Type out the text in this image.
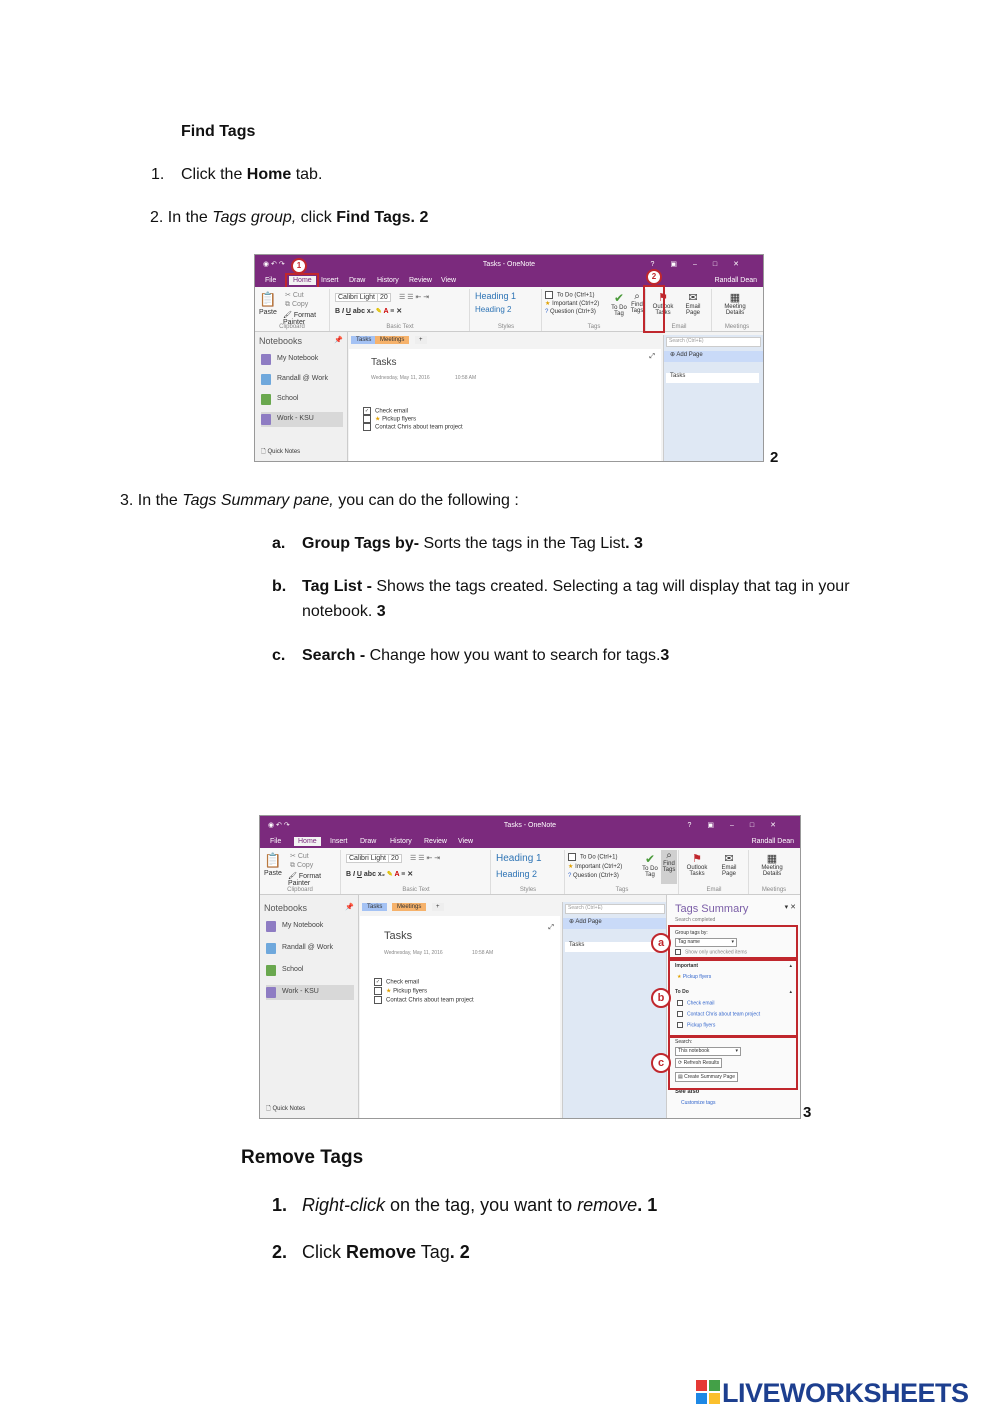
Find Tags
1. Click the Home tab.
2. In the Tags group, click Find Tags. 2
◉ ↶ ↷	Tasks - OneNote	?▣–□✕
File	Home	Insert Draw History Review View	Randall Dean
1
📋
Paste
✂ Cut
⧉ Copy
🖌 Format Painter
Clipboard
Calibri Light 20	☰ ☰ ⇤ ⇥
B I U abc x₂ ✎ A ≡ ✕
Basic Text
Heading 1
Heading 2
Styles
To Do (Ctrl+1)
★ Important (Ctrl+2)
? Question (Ctrl+3)
✔
To Do Tag
⌕
Find Tags
Tags
⚑
Outlook Tasks
✉
Email Page
Email
▦
Meeting Details
Meetings
2
Notebooks	📌
My Notebook
Randall @ Work
School
Work - KSU
🗋 Quick Notes
Tasks	Meetings	+
Tasks
Wednesday, May 11, 2016	10:58 AM
⤢
✓ Check email
★ Pickup flyers
Contact Chris about team project
Search (Ctrl+E)
⊕ Add Page
Tasks
2
3. In the Tags Summary pane, you can do the following :
a. Group Tags by- Sorts the tags in the Tag List. 3
b. Tag List - Shows the tags created. Selecting a tag will display that tag in your
notebook. 3
c. Search - Change how you want to search for tags.3
◉ ↶ ↷	Tasks - OneNote	?▣–□✕
File	Home	Insert Draw History Review View	Randall Dean
📋
Paste
✂ Cut
⧉ Copy
🖌 Format Painter
Clipboard
Calibri Light 20	☰ ☰ ⇤ ⇥
B I U abc x₂ ✎ A ≡ ✕
Basic Text
Heading 1
Heading 2
Styles
To Do (Ctrl+1)
★ Important (Ctrl+2)
? Question (Ctrl+3)
✔
To Do Tag
⌕
Find Tags
Tags
⚑
Outlook Tasks
✉
Email Page
Email
▦
Meeting Details
Meetings
Notebooks	📌
My Notebook
Randall @ Work
School
Work - KSU
🗋 Quick Notes
Tasks	Meetings	+
Tasks
Wednesday, May 11, 2016	10:58 AM
⤢
✓ Check email
★ Pickup flyers
Contact Chris about team project
Search (Ctrl+E)
⊕ Add Page
Tasks
Tags Summary	▾ ✕
Search completed
Group tags by:
Tag name	▾
Show only unchecked items
Important	▴
★ Pickup flyers
To Do	▴
Check email
Contact Chris about team project
Pickup flyers
Search:
This notebook	▾
⟳ Refresh Results
▤ Create Summary Page
See also
Customize tags
a
b
c
3
Remove Tags
1. Right-click on the tag, you want to remove. 1
2. Click Remove Tag. 2
LIVEWORKSHEETS
